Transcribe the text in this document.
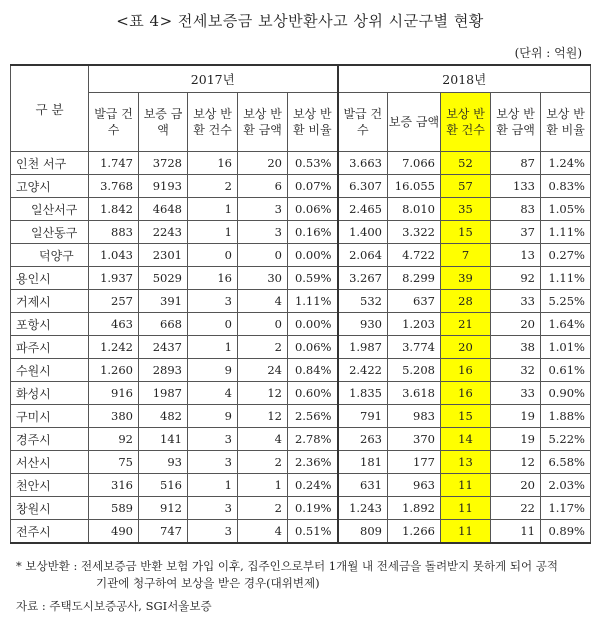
<표 4> 전세보증금 보상반환사고 상위 시군구별 현황
(단위 : 억원)
구 분	2017년					2018년				
	발급 건수	보증 금액	보상 반환 건수	보상 반환 금액	보상 반환 비율	발급 건수	보증 금액	보상 반환 건수	보상 반환 금액	보상 반환 비율
인천 서구	1.747	3728	16	20	0.53%	3.663	7.066	52	87	1.24%
고양시	3.768	9193	2	6	0.07%	6.307	16.055	57	133	0.83%
일산서구	1.842	4648	1	3	0.06%	2.465	8.010	35	83	1.05%
일산동구	883	2243	1	3	0.16%	1.400	3.322	15	37	1.11%
덕양구	1.043	2301	0	0	0.00%	2.064	4.722	7	13	0.27%
용인시	1.937	5029	16	30	0.59%	3.267	8.299	39	92	1.11%
거제시	257	391	3	4	1.11%	532	637	28	33	5.25%
포항시	463	668	0	0	0.00%	930	1.203	21	20	1.64%
파주시	1.242	2437	1	2	0.06%	1.987	3.774	20	38	1.01%
수원시	1.260	2893	9	24	0.84%	2.422	5.208	16	32	0.61%
화성시	916	1987	4	12	0.60%	1.835	3.618	16	33	0.90%
구미시	380	482	9	12	2.56%	791	983	15	19	1.88%
경주시	92	141	3	4	2.78%	263	370	14	19	5.22%
서산시	75	93	3	2	2.36%	181	177	13	12	6.58%
천안시	316	516	1	1	0.24%	631	963	11	20	2.03%
창원시	589	912	3	2	0.19%	1.243	1.892	11	22	1.17%
전주시	490	747	3	4	0.51%	809	1.266	11	11	0.89%
* 보상반환 : 전세보증금 반환 보험 가입 이후, 집주인으로부터 1개월 내 전세금을 돌려받지 못하게 되어 공적
기관에 청구하여 보상을 받은 경우(대위변제)
자료 : 주택도시보증공사, SGI서울보증
